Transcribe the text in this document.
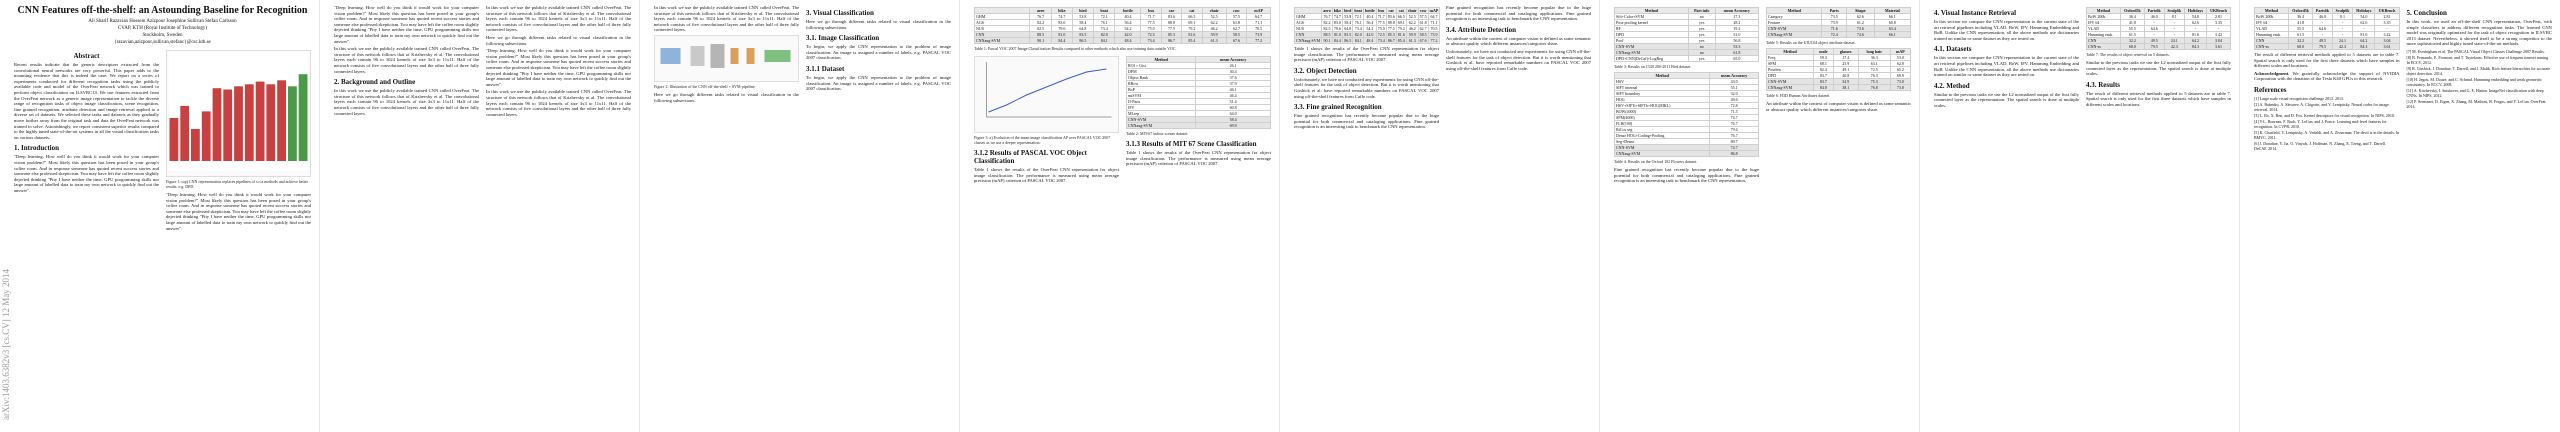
arXiv:1403.6382v3 [cs.CV] 12 May 2014
CNN Features off-the-shelf: an Astounding Baseline for Recognition
Ali Sharif Razavian Hossein Azizpour Josephine Sullivan Stefan Carlsson
CVAP, KTH (Royal Institute of Technology)
Stockholm, Sweden
{razavian,azizpour,sullivan,stefanc}@csc.kth.se
Abstract

Recent results indicate that the generic descriptors extracted from the convolutional neural networks are very powerful. This paper adds to the mounting evidence that this is indeed the case. We report on a series of experiments conducted for different recognition tasks using the publicly available code and model of the OverFeat network which was trained to perform object classification on ILSVRC13. We use features extracted from the OverFeat network as a generic image representation to tackle the diverse range of recognition tasks of object image classification, scene recognition, fine grained recognition, attribute detection and image retrieval applied to a diverse set of datasets. We selected these tasks and datasets as they gradually move further away from the original task and data the OverFeat network was trained to solve. Astonishingly, we report consistent superior results compared to the highly tuned state-of-the-art systems in all the visual classification tasks on various datasets.

1. Introduction

"Deep learning. How well do you think it would work for your computer vision problem?" Most likely this question has been posed in your group's coffee room. And in response someone has quoted recent success stories and someone else professed skepticism. You may have left the coffee room slightly dejected thinking "Pity I have neither the time, GPU programming skills nor large amount of labelled data to train my own network to quickly find out the answer".

Figure 1: top) CNN representation replaces pipelines of s.o.a methods and achieve better results. e.g. DPD.

"Deep learning. How well do you think it would work for your computer vision problem?" Most likely this question has been posed in your group's coffee room. And in response someone has quoted recent success stories and someone else professed skepticism. You may have left the coffee room slightly dejected thinking "Pity I have neither the time, GPU programming skills nor large amount of labelled data to train my own network to quickly find out the answer".

"Deep learning. How well do you think it would work for your computer vision problem?" Most likely this question has been posed in your group's coffee room. And in response someone has quoted recent success stories and someone else professed skepticism. You may have left the coffee room slightly dejected thinking "Pity I have neither the time, GPU programming skills nor large amount of labelled data to train my own network to quickly find out the answer".

In this work we use the publicly available trained CNN called OverFeat. The structure of this network follows that of Krizhevsky et al. The convolutional layers each contain 96 to 1024 kernels of size 3x3 to 11x11. Half of the network consists of five convolutional layers and the other half of three fully connected layers.

2. Background and Outline

In this work we use the publicly available trained CNN called OverFeat. The structure of this network follows that of Krizhevsky et al. The convolutional layers each contain 96 to 1024 kernels of size 3x3 to 11x11. Half of the network consists of five convolutional layers and the other half of three fully connected layers.

In this work we use the publicly available trained CNN called OverFeat. The structure of this network follows that of Krizhevsky et al. The convolutional layers each contain 96 to 1024 kernels of size 3x3 to 11x11. Half of the network consists of five convolutional layers and the other half of three fully connected layers.

Here we go through different tasks related to visual classification in the following subsections.

"Deep learning. How well do you think it would work for your computer vision problem?" Most likely this question has been posed in your group's coffee room. And in response someone has quoted recent success stories and someone else professed skepticism. You may have left the coffee room slightly dejected thinking "Pity I have neither the time, GPU programming skills nor large amount of labelled data to train my own network to quickly find out the answer".

In this work we use the publicly available trained CNN called OverFeat. The structure of this network follows that of Krizhevsky et al. The convolutional layers each contain 96 to 1024 kernels of size 3x3 to 11x11. Half of the network consists of five convolutional layers and the other half of three fully connected layers.

In this work we use the publicly available trained CNN called OverFeat. The structure of this network follows that of Krizhevsky et al. The convolutional layers each contain 96 to 1024 kernels of size 3x3 to 11x11. Half of the network consists of five convolutional layers and the other half of three fully connected layers.

Figure 2: Illustration of the CNN off-the-shelf + SVM pipeline.

Here we go through different tasks related to visual classification in the following subsections.

3. Visual Classification

Here we go through different tasks related to visual classification in the following subsections.

3.1. Image Classification

To begin, we apply the CNN representation to the problem of image classification. An image is assigned a number of labels, e.g. PASCAL VOC 2007 classification.

3.1.1 Dataset

To begin, we apply the CNN representation to the problem of image classification. An image is assigned a number of labels, e.g. PASCAL VOC 2007 classification.

	aero	bike	bird	boat	bottle	bus	car	cat	chair	cow	mAP
GHM	76.7	74.7	53.8	72.1	40.4	71.7	83.6	66.5	52.5	57.5	64.7
AGS	82.2	83.0	58.4	76.1	56.4	77.5	88.8	69.1	62.2	61.8	71.1
NUS	82.5	79.6	64.8	73.4	54.2	75.0	77.5	79.2	46.2	62.7	70.5
CNN	88.5	81.0	83.5	82.0	42.0	72.5	85.3	81.6	59.9	58.5	73.9
CNNaug-SVM	90.1	84.4	86.5	84.1	48.4	73.4	86.7	85.4	61.3	67.6	77.2
Table 1: Pascal VOC 2007 Image Classification Results compared to other methods which also use training data outside VOC.
Figure 3: a) Evolution of the mean image classification AP over PASCAL VOC 2007 classes as we use a deeper representation.
3.1.2 Results of PASCAL VOC Object Classification

Table 1 shows the results of the OverFeat CNN representation for object image classification. The performance is measured using mean average precision (mAP) criterion of PASCAL VOC 2007.

Method	mean Accuracy
ROI + Gist	26.1
DPM	30.4
Object Bank	37.6
RBow	37.9
BoP	46.1
miSVM	46.4
D-Parts	51.4
IFV	60.8
MLrep	64.0
CNN-SVM	58.4
CNNaug-SVM	69.0
Table 2: MIT-67 indoor scenes dataset.
3.1.3 Results of MIT 67 Scene Classification

Table 1 shows the results of the OverFeat CNN representation for object image classification. The performance is measured using mean average precision (mAP) criterion of PASCAL VOC 2007.

	aero	bike	bird	boat	bottle	bus	car	cat	chair	cow	mAP
GHM	76.7	74.7	53.8	72.1	40.4	71.7	83.6	66.5	52.5	57.5	64.7
AGS	82.2	83.0	58.4	76.1	56.4	77.5	88.8	69.1	62.2	61.8	71.1
NUS	82.5	79.6	64.8	73.4	54.2	75.0	77.5	79.2	46.2	62.7	70.5
CNN	88.5	81.0	83.5	82.0	42.0	72.5	85.3	81.6	59.9	58.5	73.9
CNNaug-SVM	90.1	84.4	86.5	84.1	48.4	73.4	86.7	85.4	61.3	67.6	77.2

Table 1 shows the results of the OverFeat CNN representation for object image classification. The performance is measured using mean average precision (mAP) criterion of PASCAL VOC 2007.

3.2. Object Detection

Unfortunately, we have not conducted any experiments for using CNN off-the-shelf features for the task of object detection. But it is worth mentioning that Girshick et al. have reported remarkable numbers on PASCAL VOC 2007 using off-the-shelf features from Caffe code.

3.3. Fine grained Recognition

Fine grained recognition has recently become popular due to the huge potential for both commercial and cataloging applications. Fine grained recognition is an interesting task to benchmark the CNN representation.

Fine grained recognition has recently become popular due to the huge potential for both commercial and cataloging applications. Fine grained recognition is an interesting task to benchmark the CNN representation.

3.4. Attribute Detection

An attribute within the context of computer vision is defined as some semantic or abstract quality which different instances/categories share.

Unfortunately, we have not conducted any experiments for using CNN off-the-shelf features for the task of object detection. But it is worth mentioning that Girshick et al. have reported remarkable numbers on PASCAL VOC 2007 using off-the-shelf features from Caffe code.

Method	Part info	mean Accuracy
Sift+Color+SVM	no	17.3
Pose pooling kernel	yes	28.2
RF	yes	19.2
DPD	yes	51.0
Poof	yes	56.8
CNN-SVM	no	53.3
CNNaug-SVM	no	61.8
DPD+CNN(DeCaf)+LogReg	yes	65.0
Table 3: Results on CUB 200-2011 Bird dataset.
Method	mean Accuracy
HSV	43.0
SIFT internal	55.1
SIFT boundary	32.0
HOG	49.6
HSV+SIFTi+SIFTb+HOG(MKL)	72.8
BOW(4000)	71.5
SPM(4000)	74.7
FLH(100)	76.7
BiCos seg	79.4
Dense HOG+Coding+Pooling	76.7
Seg+Dense	80.7
CNN-SVM	74.7
CNNaug-SVM	86.8
Table 4: Results on the Oxford 102 Flowers dataset.

Fine grained recognition has recently become popular due to the huge potential for both commercial and cataloging applications. Fine grained recognition is an interesting task to benchmark the CNN representation.

Method	Parts	Shape	Material
Category	73.5	62.6	66.1
Feature	73.9	61.2	60.8
CNN-SVM	71.6	73.6	63.4
CNNaug-SVM	72.4	74.6	66.1
Table 5: Results on the UIUC64 object attribute dataset.
Method	male	glasses	long hair	mAP
Freq	59.3	17.4	36.3	53.0
SPM	68.1	25.9	63.1	62.8
Poselets	82.4	49.1	72.5	65.2
DPD	83.7	40.8	76.3	69.9
CNN-SVM	83.7	34.9	75.3	73.0
CNNaug-SVM	84.8	38.1	76.8	73.8
Table 6: H3D Human Attributes dataset.

An attribute within the context of computer vision is defined as some semantic or abstract quality which different instances/categories share.

4. Visual Instance Retrieval

In this section we compare the CNN representation to the current state of the art retrieval pipelines including VLAD, BoW, IFV, Hamming Embedding and BoB. Unlike the CNN representation, all the above methods use dictionaries trained on similar or same dataset as they are tested on.

4.1. Datasets

In this section we compare the CNN representation to the current state of the art retrieval pipelines including VLAD, BoW, IFV, Hamming Embedding and BoB. Unlike the CNN representation, all the above methods use dictionaries trained on similar or same dataset as they are tested on.

4.2. Method

Similar to the previous tasks we use the L2 normalized output of the first fully connected layer as the representation. The spatial search is done at multiple scales.

Method	Oxford5k	Paris6k	Sculp6k	Holidays	UKBench
BoW 200k	36.4	46.0	8.1	54.0	2.81
IFV 64	41.8	-	-	62.6	3.35
VLAD	55.5	64.6	-	-	-
Hamming emb.	61.5	-	-	81.6	3.42
CNN	32.2	49.5	24.1	64.2	3.04
CNN-ss	68.0	79.5	42.3	84.3	3.61
Table 7: The results of object retrieval on 5 datasets.

Similar to the previous tasks we use the L2 normalized output of the first fully connected layer as the representation. The spatial search is done at multiple scales.

4.3. Results

The result of different retrieval methods applied to 5 datasets are in table 7. Spatial search is only used for the first three datasets which have samples in different scales and locations.

Method	Oxford5k	Paris6k	Sculp6k	Holidays	UKBench
BoW 200k	36.4	46.0	8.1	54.0	2.81
IFV 64	41.8	-	-	62.6	3.35
VLAD	55.5	64.6	-	-	-
Hamming emb.	61.5	-	-	81.6	3.42
CNN	32.2	49.5	24.1	64.2	3.04
CNN-ss	68.0	79.5	42.3	84.3	3.61

The result of different retrieval methods applied to 5 datasets are in table 7. Spatial search is only used for the first three datasets which have samples in different scales and locations.

Acknowledgment. We gratefully acknowledge the support of NVIDIA Corporation with the donation of the Tesla K40 GPUs to this research.

References
[1] Large scale visual recognition challenge 2013. 2013.
[2] A. Babenko, A. Slesarev, A. Chigorin, and V. Lempitsky. Neural codes for image retrieval. 2014.
[3] L. Bo, X. Ren, and D. Fox. Kernel descriptors for visual recognition. In NIPS, 2010.
[4] Y-L. Boureau, F. Bach, Y. LeCun, and J. Ponce. Learning mid-level features for recognition. In CVPR, 2010.
[5] K. Chatfield, V. Lempitsky, A. Vedaldi, and A. Zisserman. The devil is in the details. In BMVC, 2011.
[6] J. Donahue, Y. Jia, O. Vinyals, J. Hoffman, N. Zhang, E. Tzeng, and T. Darrell. DeCAF. 2014.
5. Conclusion

In this work, we used an off-the-shelf CNN representation, OverFeat, with simple classifiers to address different recognition tasks. The learned CNN model was originally optimized for the task of object recognition in ILSVRC 2013 dataset. Nevertheless, it showed itself to be a strong competitor to the more sophisticated and highly tuned state-of-the-art methods.

[7] M. Everingham et al. The PASCAL Visual Object Classes Challenge 2007 Results.
[8] B. Fernando, E. Fromont, and T. Tuytelaars. Effective use of frequent itemset mining. In ECCV, 2012.
[9] R. Girshick, J. Donahue, T. Darrell, and J. Malik. Rich feature hierarchies for accurate object detection. 2014.
[10] H. Jegou, M. Douze, and C. Schmid. Hamming embedding and weak geometric consistency. In ECCV, 2008.
[11] A. Krizhevsky, I. Sutskever, and G. E. Hinton. ImageNet classification with deep CNNs. In NIPS, 2012.
[12] P. Sermanet, D. Eigen, X. Zhang, M. Mathieu, R. Fergus, and Y. LeCun. OverFeat. 2014.
